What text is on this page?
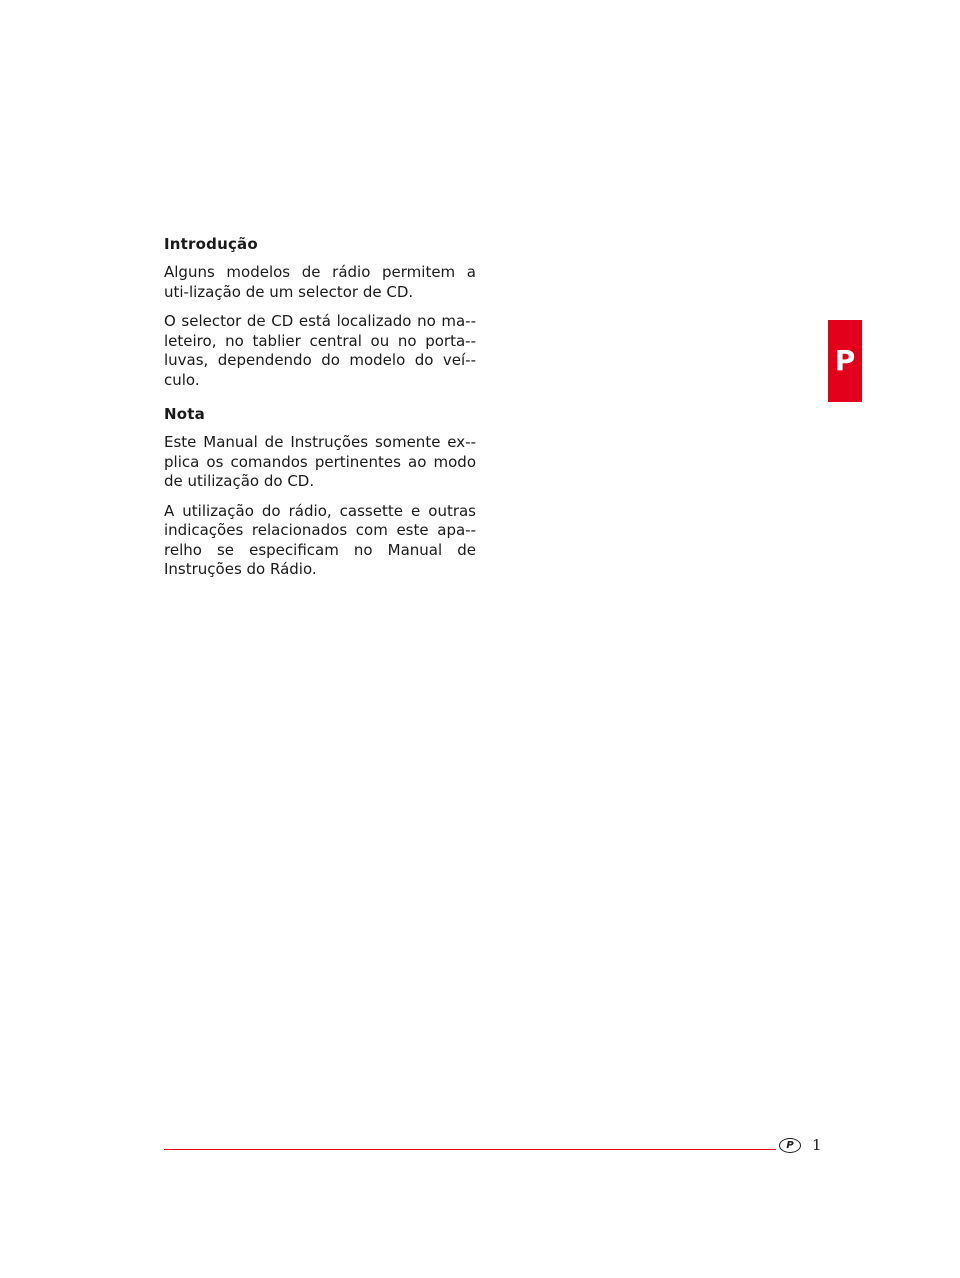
Introdução

Alguns modelos de rádio permitem a uti-lização de um selector de CD.

O selector de CD está localizado no ma-leteiro, no tablier central ou no porta-luvas, dependendo do modelo do veí-culo.

Nota

Este Manual de Instruções somente ex-plica os comandos pertinentes ao modo de utilização do CD.

A utilização do rádio, cassette e outras indicações relacionados com este apa-relho se especificam no Manual de Instruções do Rádio.

P
P 1
